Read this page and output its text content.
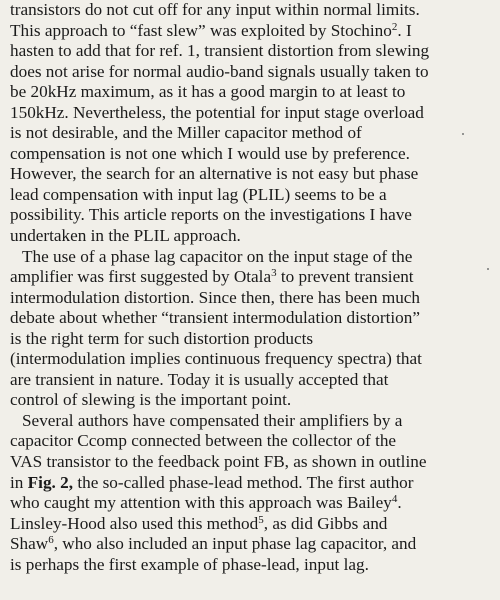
transistors do not cut off for any input within normal limits.
This approach to “fast slew” was exploited by Stochino$^2$. I
hasten to add that for ref. 1, transient distortion from slewing
does not arise for normal audio-band signals usually taken to
be 20kHz maximum, as it has a good margin to at least to
150kHz. Nevertheless, the potential for input stage overload
is not desirable, and the Miller capacitor method of
compensation is not one which I would use by preference.
However, the search for an alternative is not easy but phase
lead compensation with input lag (PLIL) seems to be a
possibility. This article reports on the investigations I have
undertaken in the PLIL approach.

The use of a phase lag capacitor on the input stage of the
amplifier was first suggested by Otala$^3$ to prevent transient
intermodulation distortion. Since then, there has been much
debate about whether “transient intermodulation distortion”
is the right term for such distortion products
(intermodulation implies continuous frequency spectra) that
are transient in nature. Today it is usually accepted that
control of slewing is the important point.

Several authors have compensated their amplifiers by a
capacitor Ccomp connected between the collector of the
VAS transistor to the feedback point FB, as shown in outline
in Fig. 2, the so-called phase-lead method. The first author
who caught my attention with this approach was Bailey$^4$.
Linsley-Hood also used this method$^5$, as did Gibbs and
Shaw$^6$, who also included an input phase lag capacitor, and
is perhaps the first example of phase-lead, input lag.
